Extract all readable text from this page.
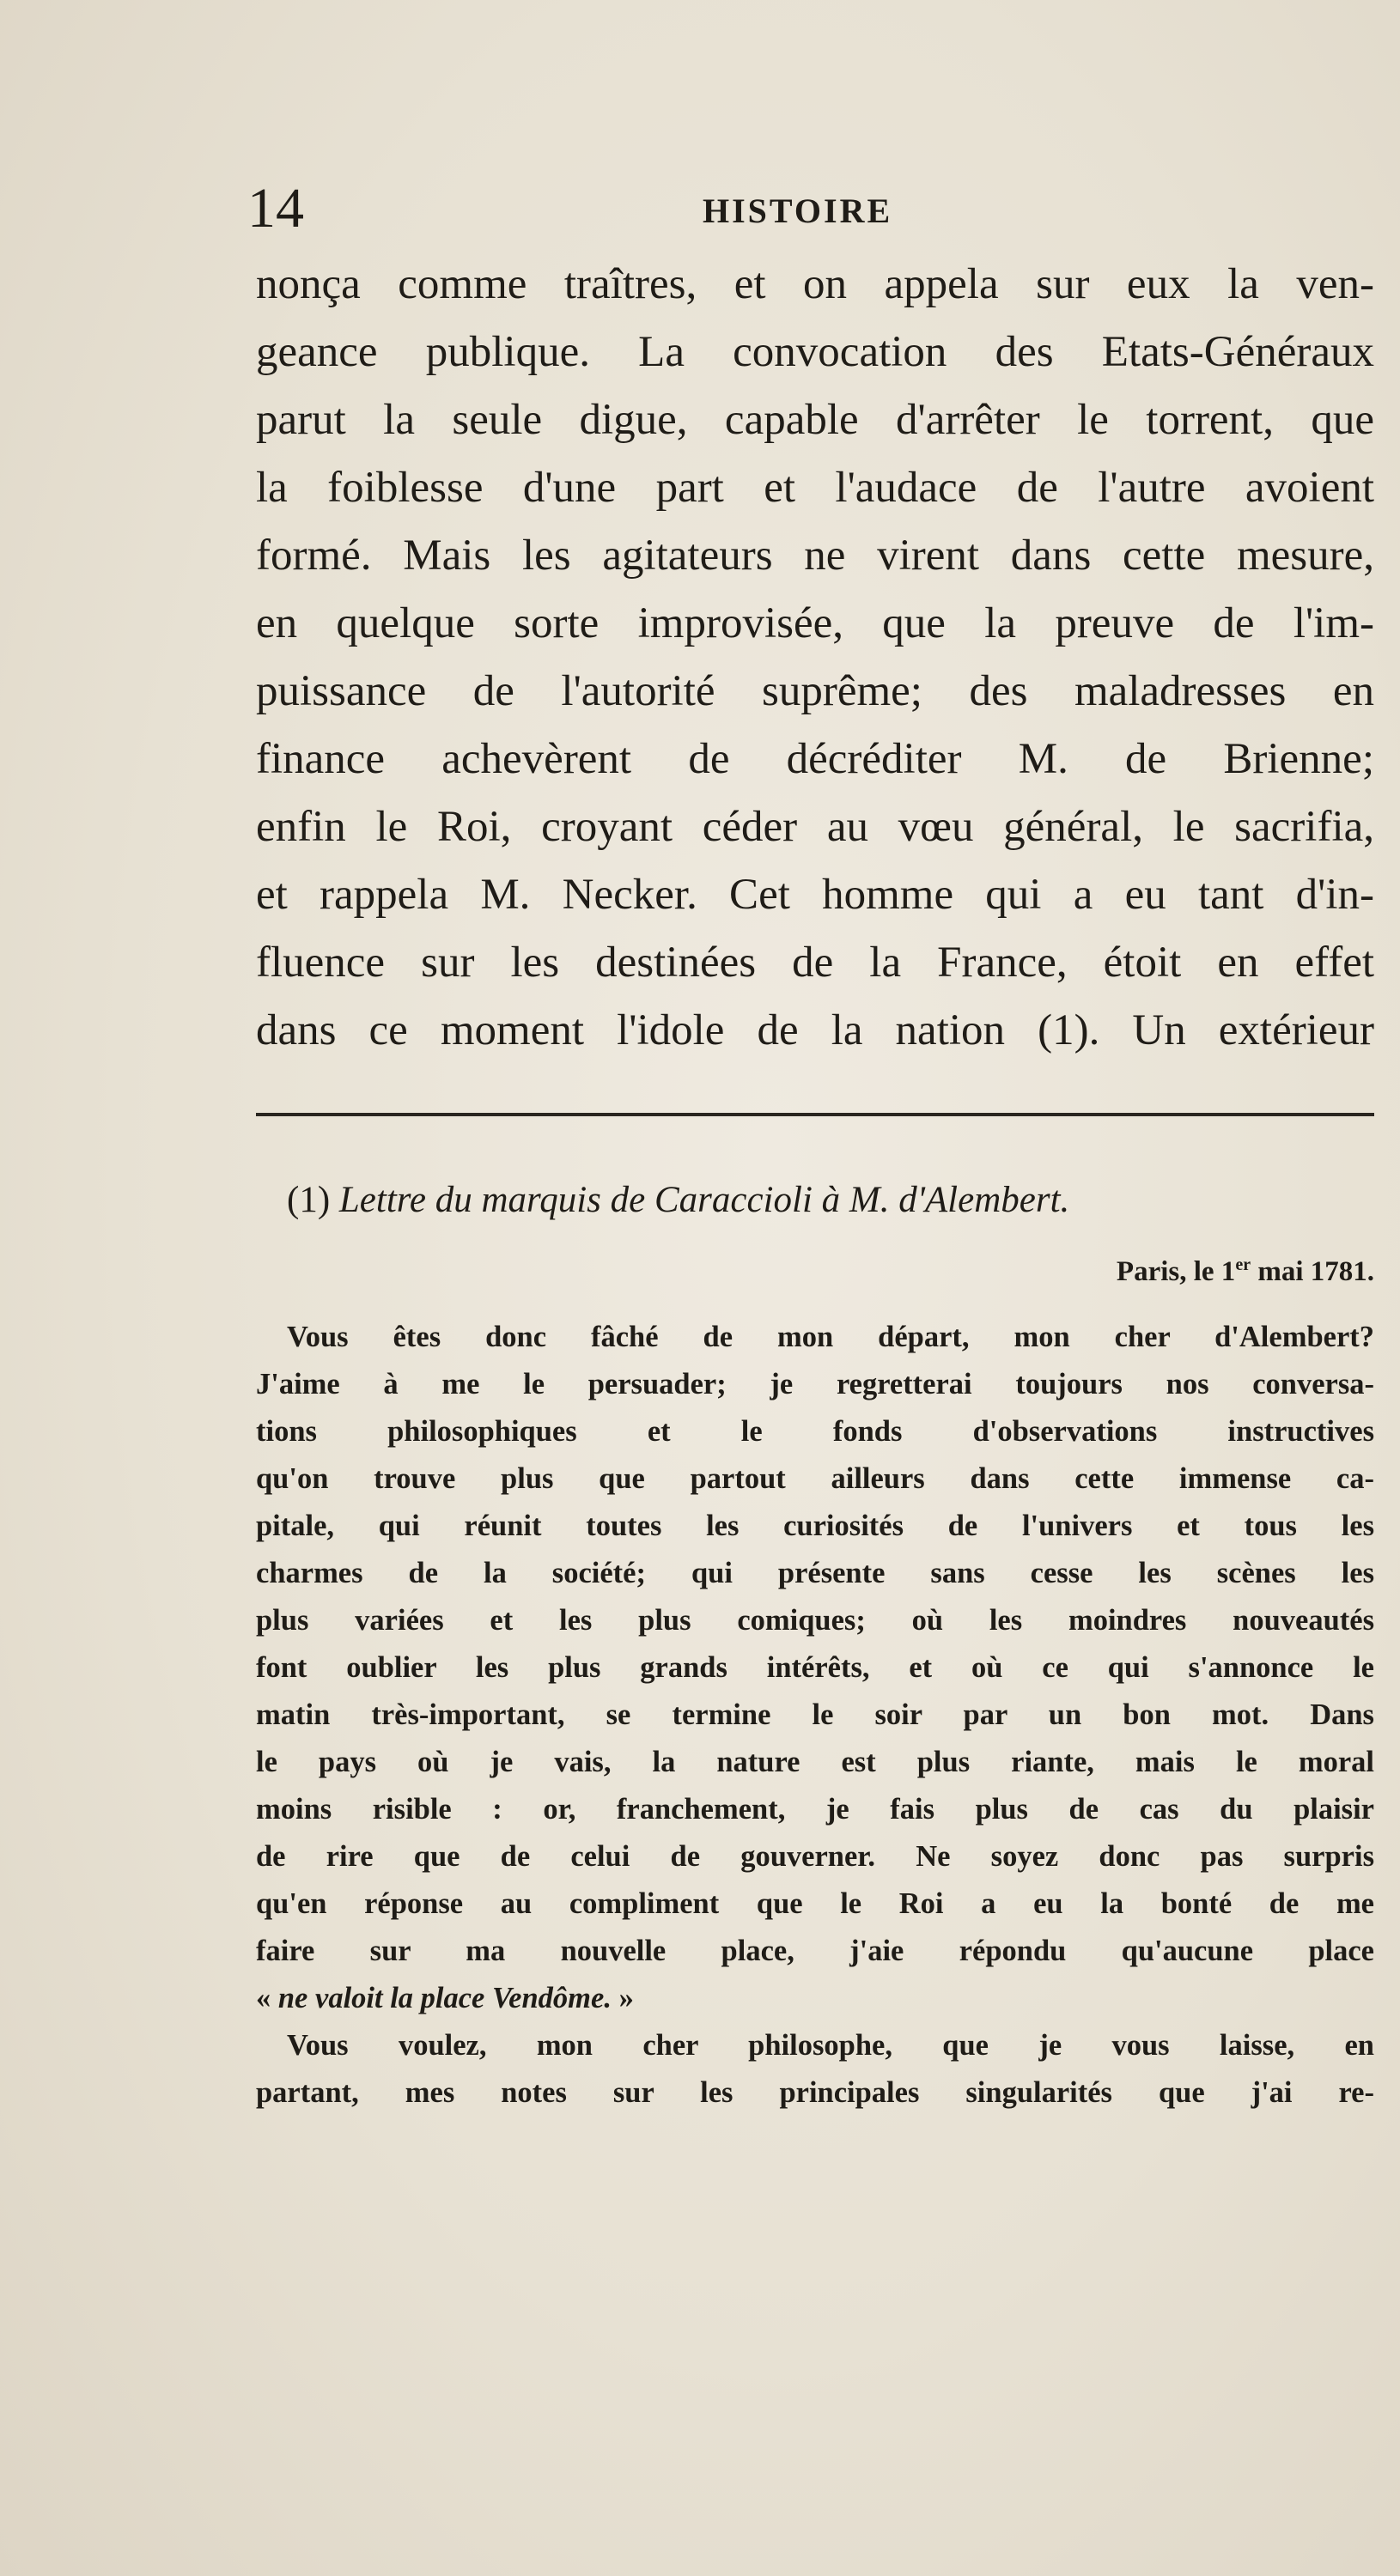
14	HISTOIRE
nonça comme traîtres, et on appela sur eux la ven-
geance publique. La convocation des Etats-Généraux
parut la seule digue, capable d'arrêter le torrent, que
la foiblesse d'une part et l'audace de l'autre avoient
formé. Mais les agitateurs ne virent dans cette mesure,
en quelque sorte improvisée, que la preuve de l'im-
puissance de l'autorité suprême; des maladresses en
finance achevèrent de décréditer M. de Brienne;
enfin le Roi, croyant céder au vœu général, le sacrifia,
et rappela M. Necker. Cet homme qui a eu tant d'in-
fluence sur les destinées de la France, étoit en effet
dans ce moment l'idole de la nation (1). Un extérieur
(1) Lettre du marquis de Caraccioli à M. d'Alembert.
Paris, le 1er mai 1781.
Vous êtes donc fâché de mon départ, mon cher d'Alembert?
J'aime à me le persuader; je regretterai toujours nos conversa-
tions philosophiques et le fonds d'observations instructives
qu'on trouve plus que partout ailleurs dans cette immense ca-
pitale, qui réunit toutes les curiosités de l'univers et tous les
charmes de la société; qui présente sans cesse les scènes les
plus variées et les plus comiques; où les moindres nouveautés
font oublier les plus grands intérêts, et où ce qui s'annonce le
matin très-important, se termine le soir par un bon mot. Dans
le pays où je vais, la nature est plus riante, mais le moral
moins risible : or, franchement, je fais plus de cas du plaisir
de rire que de celui de gouverner. Ne soyez donc pas surpris
qu'en réponse au compliment que le Roi a eu la bonté de me
faire sur ma nouvelle place, j'aie répondu qu'aucune place
« ne valoit la place Vendôme. »
Vous voulez, mon cher philosophe, que je vous laisse, en
partant, mes notes sur les principales singularités que j'ai re-
